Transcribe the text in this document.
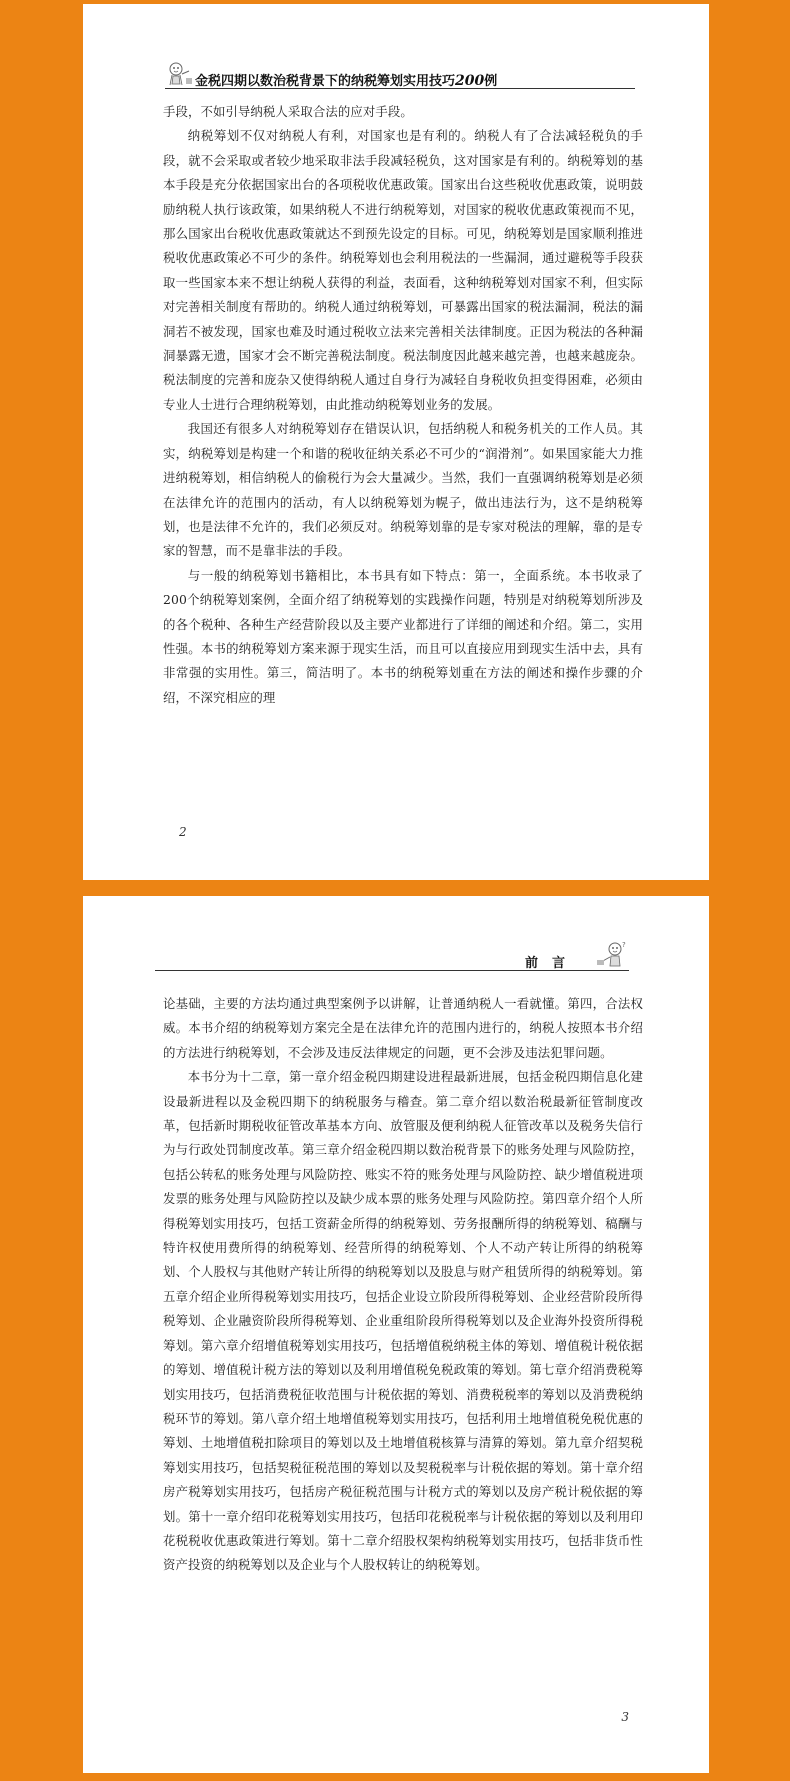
金税四期以数治税背景下的纳税筹划实用技巧200例

手段，不如引导纳税人采取合法的应对手段。

纳税筹划不仅对纳税人有利，对国家也是有利的。纳税人有了合法减轻税负的手段，就不会采取或者较少地采取非法手段减轻税负，这对国家是有利的。纳税筹划的基本手段是充分依据国家出台的各项税收优惠政策。国家出台这些税收优惠政策，说明鼓励纳税人执行该政策，如果纳税人不进行纳税筹划，对国家的税收优惠政策视而不见，那么国家出台税收优惠政策就达不到预先设定的目标。可见，纳税筹划是国家顺利推进税收优惠政策必不可少的条件。纳税筹划也会利用税法的一些漏洞，通过避税等手段获取一些国家本来不想让纳税人获得的利益，表面看，这种纳税筹划对国家不利，但实际对完善相关制度有帮助的。纳税人通过纳税筹划，可暴露出国家的税法漏洞，税法的漏洞若不被发现，国家也难及时通过税收立法来完善相关法律制度。正因为税法的各种漏洞暴露无遗，国家才会不断完善税法制度。税法制度因此越来越完善，也越来越庞杂。税法制度的完善和庞杂又使得纳税人通过自身行为减轻自身税收负担变得困难，必须由专业人士进行合理纳税筹划，由此推动纳税筹划业务的发展。

我国还有很多人对纳税筹划存在错误认识，包括纳税人和税务机关的工作人员。其实，纳税筹划是构建一个和谐的税收征纳关系必不可少的“润滑剂”。如果国家能大力推进纳税筹划，相信纳税人的偷税行为会大量减少。当然，我们一直强调纳税筹划是必须在法律允许的范围内的活动，有人以纳税筹划为幌子，做出违法行为，这不是纳税筹划，也是法律不允许的，我们必须反对。纳税筹划靠的是专家对税法的理解，靠的是专家的智慧，而不是靠非法的手段。

与一般的纳税筹划书籍相比，本书具有如下特点：第一，全面系统。本书收录了200个纳税筹划案例，全面介绍了纳税筹划的实践操作问题，特别是对纳税筹划所涉及的各个税种、各种生产经营阶段以及主要产业都进行了详细的阐述和介绍。第二，实用性强。本书的纳税筹划方案来源于现实生活，而且可以直接应用到现实生活中去，具有非常强的实用性。第三，简洁明了。本书的纳税筹划重在方法的阐述和操作步骤的介绍，不深究相应的理

2
前言
?

论基础，主要的方法均通过典型案例予以讲解，让普通纳税人一看就懂。第四，合法权威。本书介绍的纳税筹划方案完全是在法律允许的范围内进行的，纳税人按照本书介绍的方法进行纳税筹划，不会涉及违反法律规定的问题，更不会涉及违法犯罪问题。

本书分为十二章，第一章介绍金税四期建设进程最新进展，包括金税四期信息化建设最新进程以及金税四期下的纳税服务与稽查。第二章介绍以数治税最新征管制度改革，包括新时期税收征管改革基本方向、放管服及便利纳税人征管改革以及税务失信行为与行政处罚制度改革。第三章介绍金税四期以数治税背景下的账务处理与风险防控，包括公转私的账务处理与风险防控、账实不符的账务处理与风险防控、缺少增值税进项发票的账务处理与风险防控以及缺少成本票的账务处理与风险防控。第四章介绍个人所得税筹划实用技巧，包括工资薪金所得的纳税筹划、劳务报酬所得的纳税筹划、稿酬与特许权使用费所得的纳税筹划、经营所得的纳税筹划、个人不动产转让所得的纳税筹划、个人股权与其他财产转让所得的纳税筹划以及股息与财产租赁所得的纳税筹划。第五章介绍企业所得税筹划实用技巧，包括企业设立阶段所得税筹划、企业经营阶段所得税筹划、企业融资阶段所得税筹划、企业重组阶段所得税筹划以及企业海外投资所得税筹划。第六章介绍增值税筹划实用技巧，包括增值税纳税主体的筹划、增值税计税依据的筹划、增值税计税方法的筹划以及利用增值税免税政策的筹划。第七章介绍消费税筹划实用技巧，包括消费税征收范围与计税依据的筹划、消费税税率的筹划以及消费税纳税环节的筹划。第八章介绍土地增值税筹划实用技巧，包括利用土地增值税免税优惠的筹划、土地增值税扣除项目的筹划以及土地增值税核算与清算的筹划。第九章介绍契税筹划实用技巧，包括契税征税范围的筹划以及契税税率与计税依据的筹划。第十章介绍房产税筹划实用技巧，包括房产税征税范围与计税方式的筹划以及房产税计税依据的筹划。第十一章介绍印花税筹划实用技巧，包括印花税税率与计税依据的筹划以及利用印花税税收优惠政策进行筹划。第十二章介绍股权架构纳税筹划实用技巧，包括非货币性资产投资的纳税筹划以及企业与个人股权转让的纳税筹划。

3
